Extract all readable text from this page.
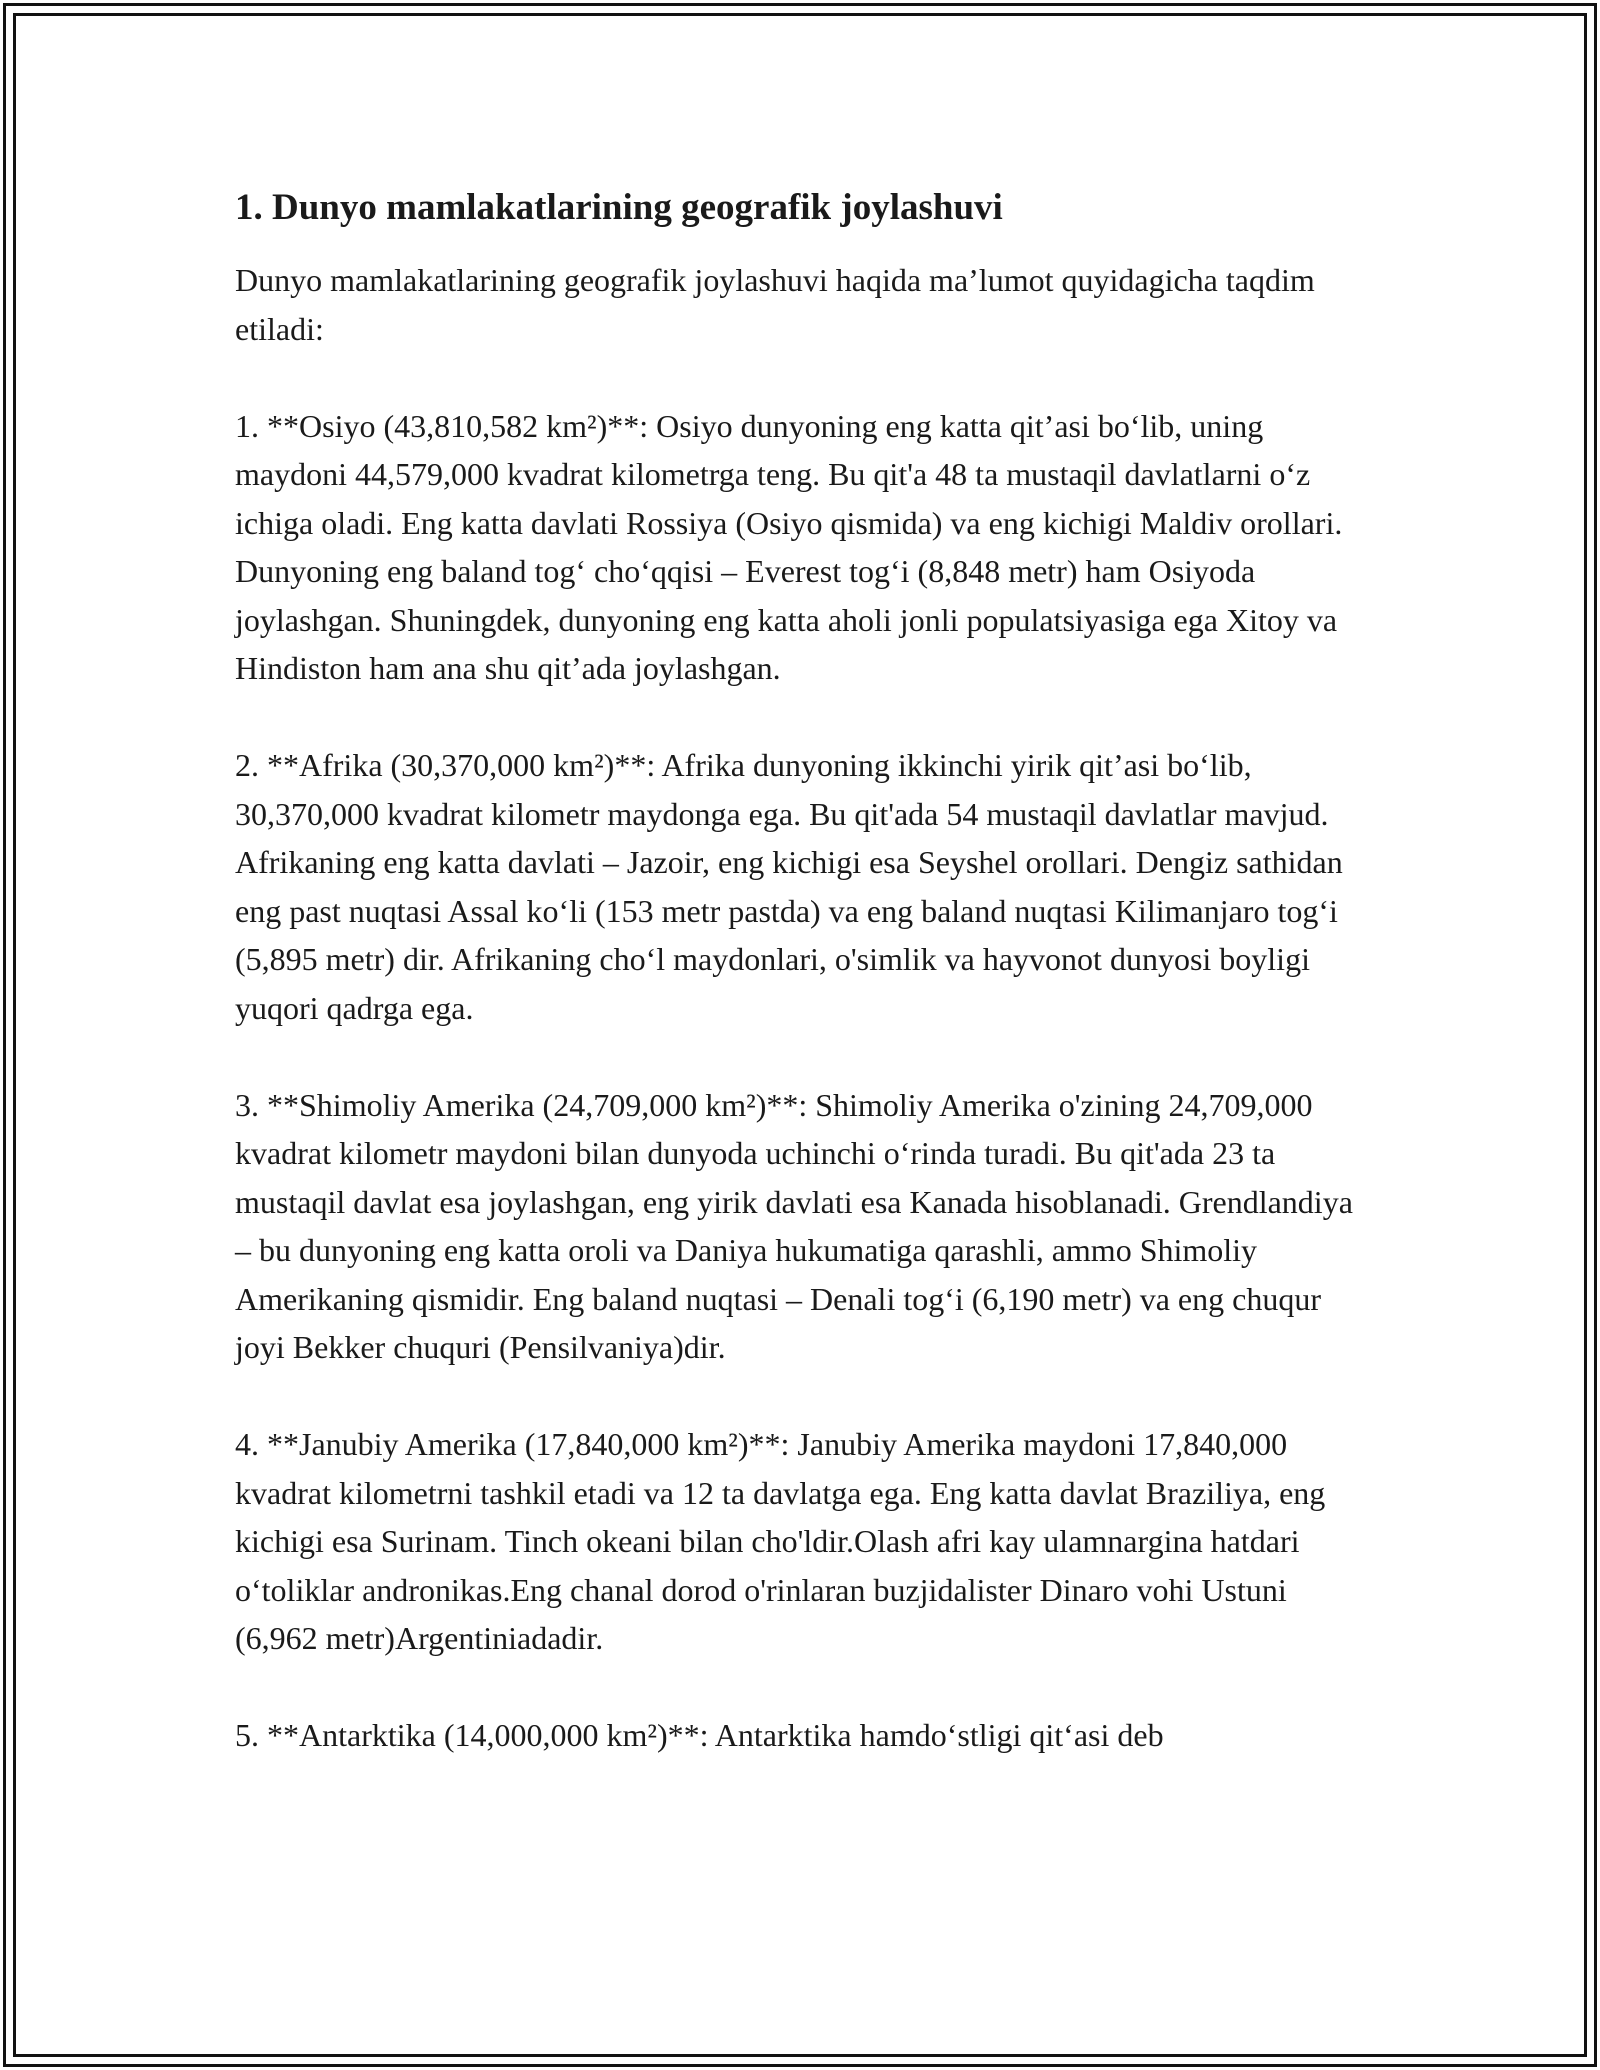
1. Dunyo mamlakatlarining geografik joylashuvi

Dunyo mamlakatlarining geografik joylashuvi haqida ma’lumot quyidagicha taqdim etiladi:

1. **Osiyo (43,810,582 km²)**: Osiyo dunyoning eng katta qit’asi bo‘lib, uning maydoni 44,579,000 kvadrat kilometrga teng. Bu qit'a 48 ta mustaqil davlatlarni o‘z ichiga oladi. Eng katta davlati Rossiya (Osiyo qismida) va eng kichigi Maldiv orollari. Dunyoning eng baland tog‘ cho‘qqisi – Everest tog‘i (8,848 metr) ham Osiyoda joylashgan. Shuningdek, dunyoning eng katta aholi jonli populatsiyasiga ega Xitoy va Hindiston ham ana shu qit’ada joylashgan.

2. **Afrika (30,370,000 km²)**: Afrika dunyoning ikkinchi yirik qit’asi bo‘lib, 30,370,000 kvadrat kilometr maydonga ega. Bu qit'ada 54 mustaqil davlatlar mavjud. Afrikaning eng katta davlati – Jazoir, eng kichigi esa Seyshel orollari. Dengiz sathidan eng past nuqtasi Assal ko‘li (153 metr pastda) va eng baland nuqtasi Kilimanjaro tog‘i (5,895 metr) dir. Afrikaning cho‘l maydonlari, o'simlik va hayvonot dunyosi boyligi yuqori qadrga ega.

3. **Shimoliy Amerika (24,709,000 km²)**: Shimoliy Amerika o'zining 24,709,000 kvadrat kilometr maydoni bilan dunyoda uchinchi o‘rinda turadi. Bu qit'ada 23 ta mustaqil davlat esa joylashgan, eng yirik davlati esa Kanada hisoblanadi. Grendlandiya – bu dunyoning eng katta oroli va Daniya hukumatiga qarashli, ammo Shimoliy Amerikaning qismidir. Eng baland nuqtasi – Denali tog‘i (6,190 metr) va eng chuqur joyi Bekker chuquri (Pensilvaniya)dir.

4. **Janubiy Amerika (17,840,000 km²)**: Janubiy Amerika maydoni 17,840,000 kvadrat kilometrni tashkil etadi va 12 ta davlatga ega. Eng katta davlat Braziliya, eng kichigi esa Surinam. Tinch okeani bilan cho'ldir.Olash afri kay ulamnargina hatdari o‘toliklar andronikas.Eng chanal dorod o'rinlaran buzjidalister Dinaro vohi Ustuni (6,962 metr)Argentiniadadir.

5. **Antarktika (14,000,000 km²)**: Antarktika hamdo‘stligi qit‘asi deb
